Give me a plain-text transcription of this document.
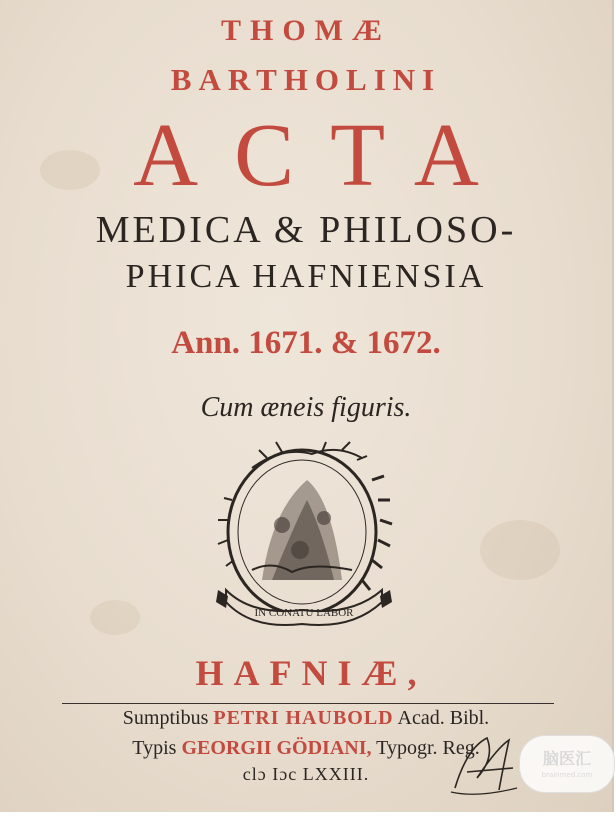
THOMÆ
BARTHOLINI
ACTA
MEDICA & PHILOSO-
PHICA HAFNIENSIA
Ann. 1671. & 1672.
Cum æneis figuris.
IN CONATU LABOR
HAFNIÆ,
Sumptibus PETRI HAUBOLD Acad. Bibl.
Typis GEORGII GÖDIANI, Typogr. Reg.
clɔ Iɔc LXXIII.
脑医汇
brainmed.com
